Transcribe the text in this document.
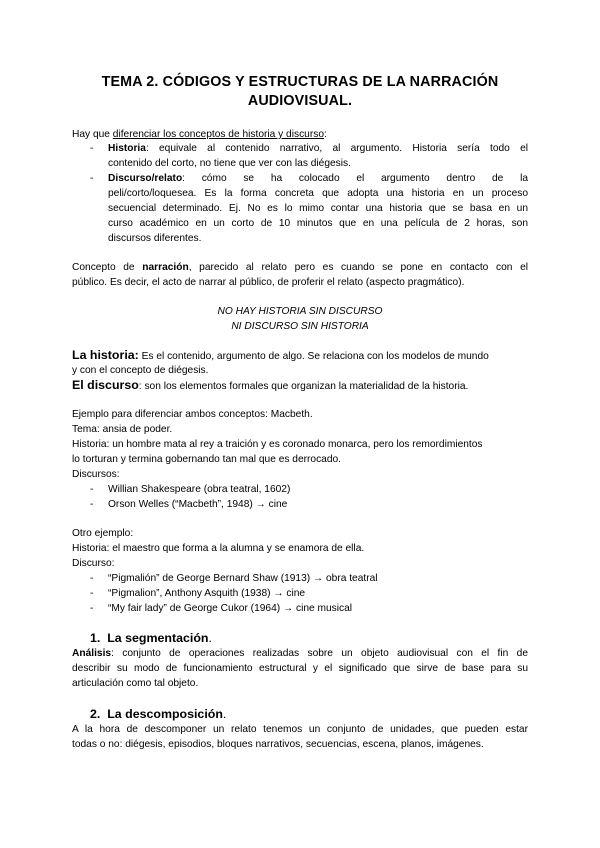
TEMA 2. CÓDIGOS Y ESTRUCTURAS DE LA NARRACIÓN
AUDIOVISUAL.
Hay que diferenciar los conceptos de historia y discurso:
- Historia: equivale al contenido narrativo, al argumento. Historia sería todo el
contenido del corto, no tiene que ver con las diégesis.
- Discurso/relato: cómo se ha colocado el argumento dentro de la
peli/corto/loquesea. Es la forma concreta que adopta una historia en un proceso
secuencial determinado. Ej. No es lo mimo contar una historia que se basa en un
curso académico en un corto de 10 minutos que en una película de 2 horas, son
discursos diferentes.
Concepto de narración, parecido al relato pero es cuando se pone en contacto con el
público. Es decir, el acto de narrar al público, de proferir el relato (aspecto pragmático).
NO HAY HISTORIA SIN DISCURSO
NI DISCURSO SIN HISTORIA
La historia: Es el contenido, argumento de algo. Se relaciona con los modelos de mundo
y con el concepto de diégesis.
El discurso: son los elementos formales que organizan la materialidad de la historia.
Ejemplo para diferenciar ambos conceptos: Macbeth.
Tema: ansia de poder.
Historia: un hombre mata al rey a traición y es coronado monarca, pero los remordimientos
lo torturan y termina gobernando tan mal que es derrocado.
Discursos:
- Willian Shakespeare (obra teatral, 1602)
- Orson Welles (“Macbeth”, 1948) → cine
Otro ejemplo:
Historia: el maestro que forma a la alumna y se enamora de ella.
Discurso:
- “Pigmalión” de George Bernard Shaw (1913) → obra teatral
- “Pigmalion”, Anthony Asquith (1938) → cine
- “My fair lady” de George Cukor (1964) → cine musical
1. La segmentación.
Análisis: conjunto de operaciones realizadas sobre un objeto audiovisual con el fin de
describir su modo de funcionamiento estructural y el significado que sirve de base para su
articulación como tal objeto.
2. La descomposición.
A la hora de descomponer un relato tenemos un conjunto de unidades, que pueden estar
todas o no: diégesis, episodios, bloques narrativos, secuencias, escena, planos, imágenes.
